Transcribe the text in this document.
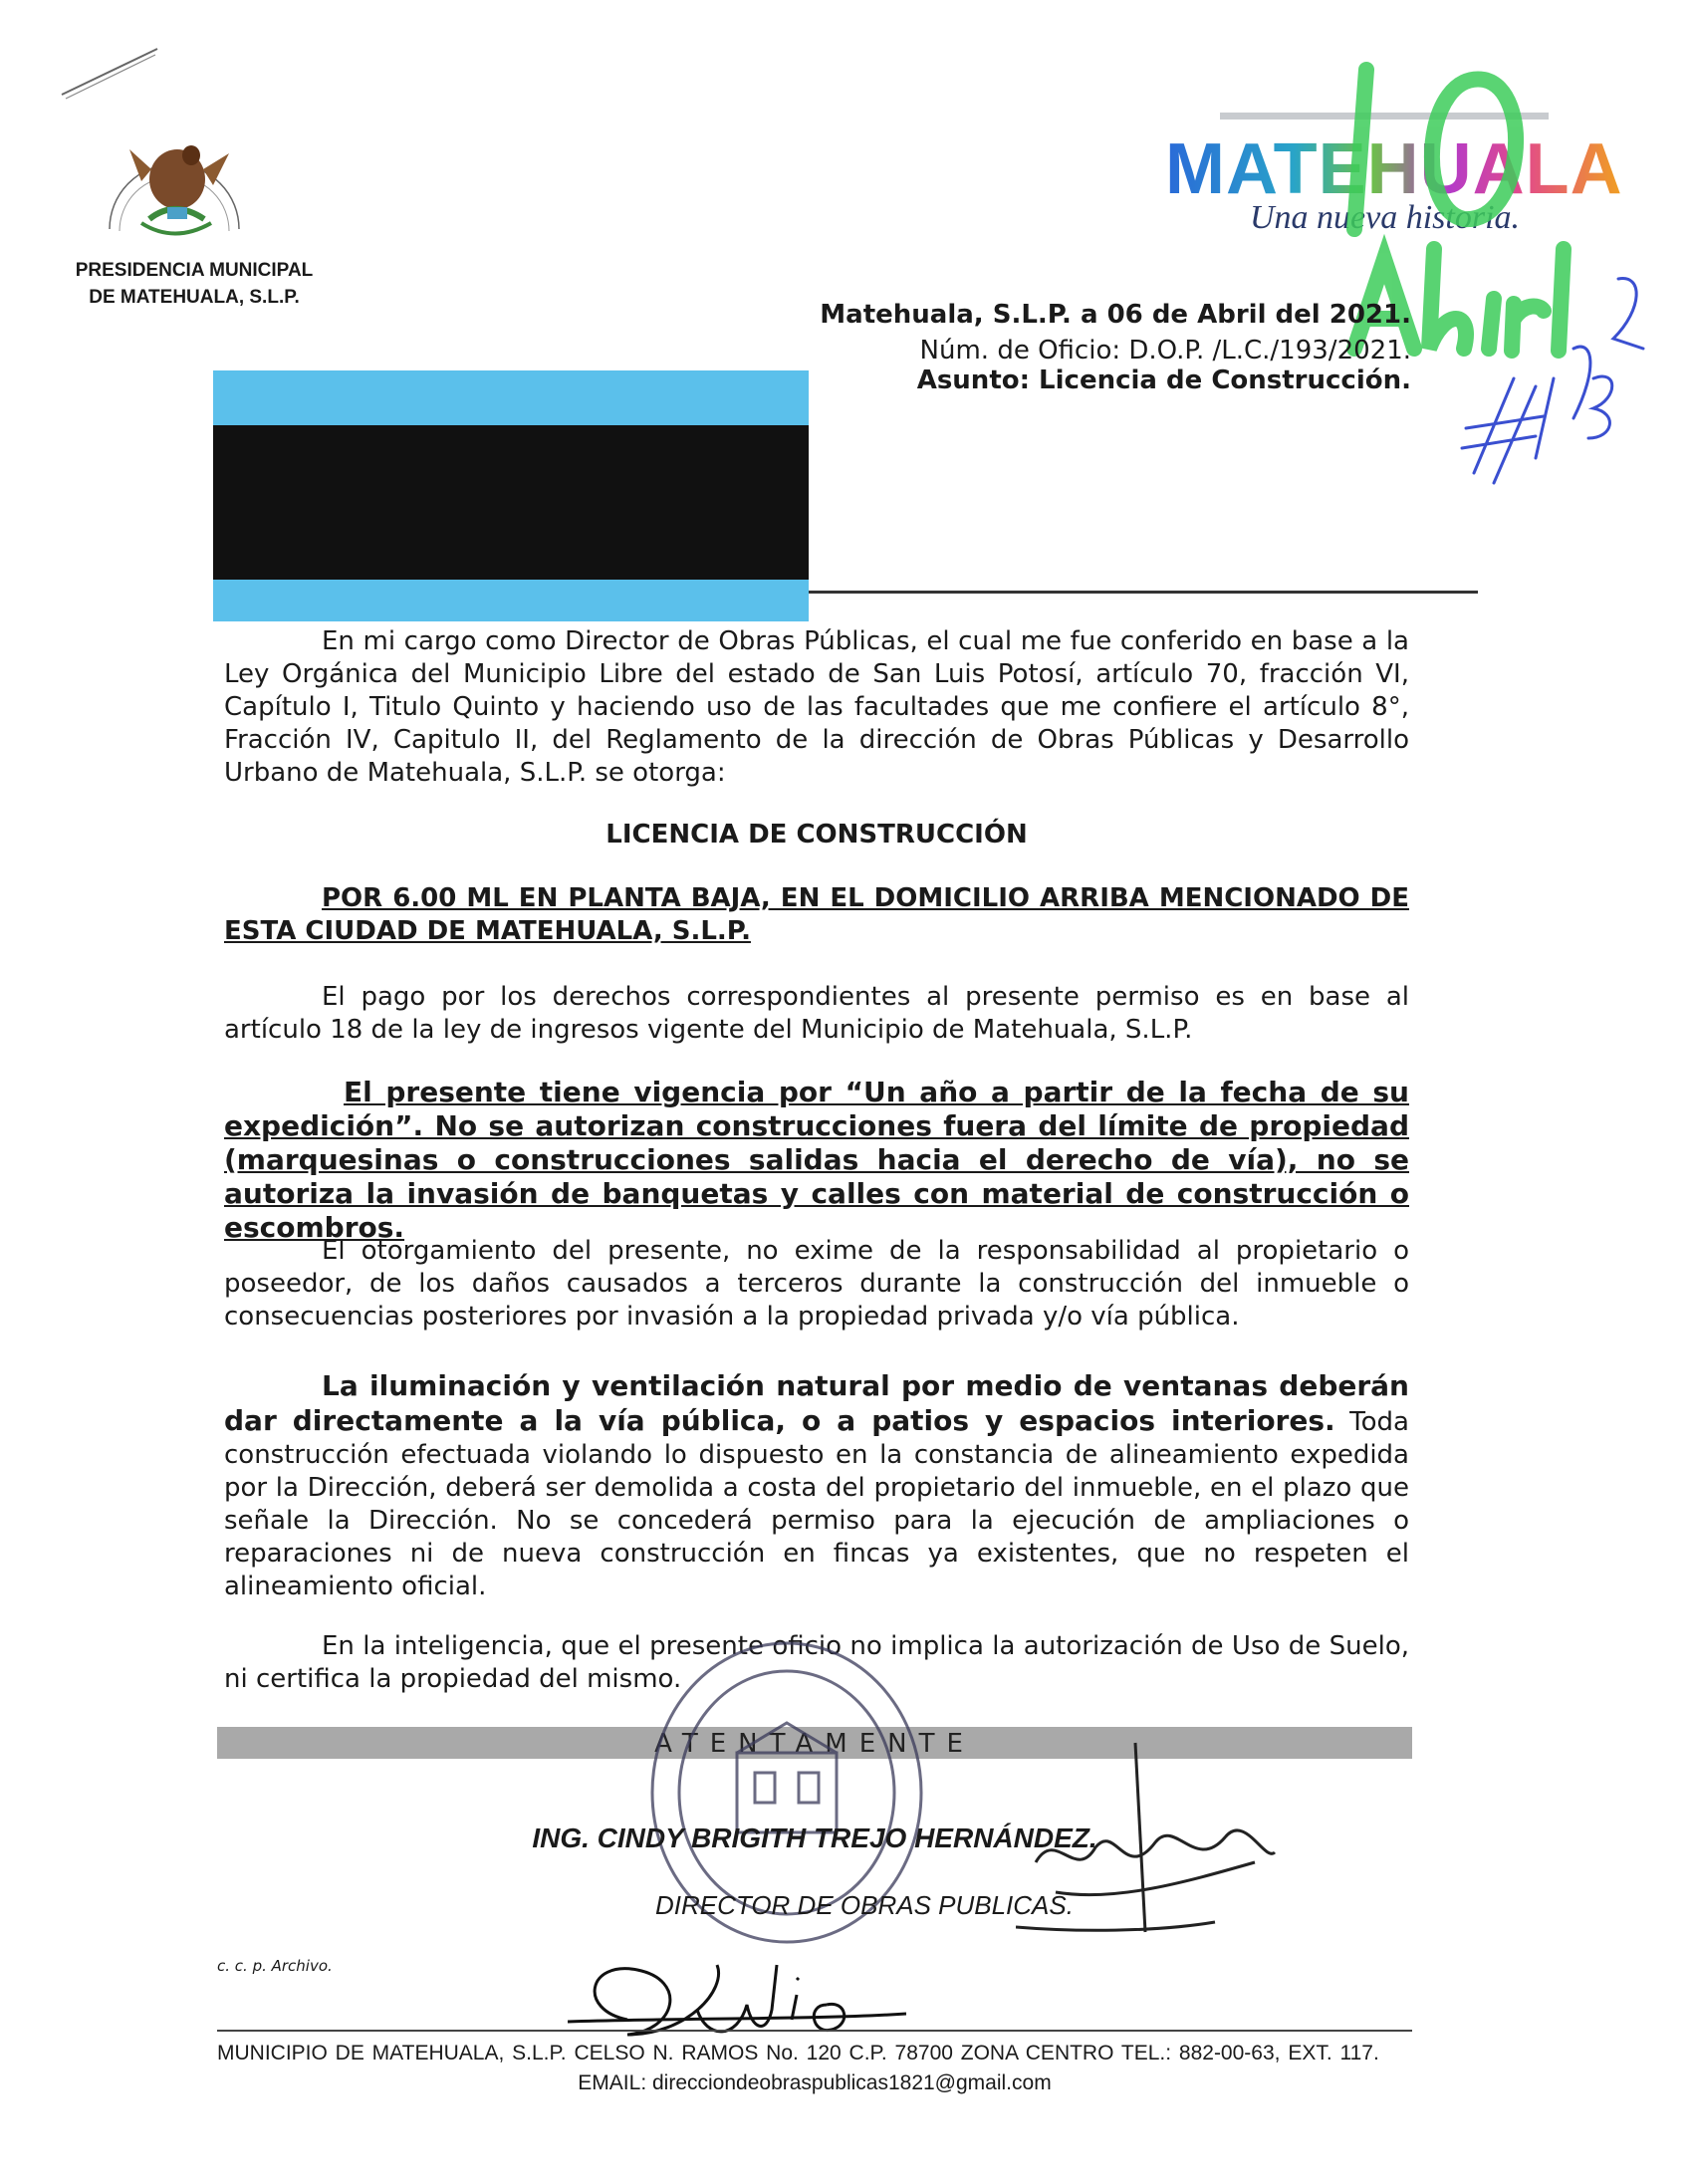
PRESIDENCIA MUNICIPAL
DE MATEHUALA, S.L.P.
MATEHUALA
Una nueva historia.
Matehuala, S.L.P. a 06 de Abril del 2021.
Núm. de Oficio: D.O.P. /L.C./193/2021.
Asunto: Licencia de Construcción.
En mi cargo como Director de Obras Públicas, el cual me fue conferido en base a la Ley Orgánica del Municipio Libre del estado de San Luis Potosí, artículo 70, fracción VI, Capítulo I, Titulo Quinto y haciendo uso de las facultades que me confiere el artículo 8°, Fracción IV, Capitulo II, del Reglamento de la dirección de Obras Públicas y Desarrollo Urbano de Matehuala, S.L.P. se otorga:
LICENCIA DE CONSTRUCCIÓN
POR 6.00 ML EN PLANTA BAJA, EN EL DOMICILIO ARRIBA MENCIONADO DE ESTA CIUDAD DE MATEHUALA, S.L.P.
El pago por los derechos correspondientes al presente permiso es en base al artículo 18 de la ley de ingresos vigente del Municipio de Matehuala, S.L.P.
El presente tiene vigencia por “Un año a partir de la fecha de su expedición”. No se autorizan construcciones fuera del límite de propiedad (marquesinas o construcciones salidas hacia el derecho de vía), no se autoriza la invasión de banquetas y calles con material de construcción o escombros.
El otorgamiento del presente, no exime de la responsabilidad al propietario o poseedor, de los daños causados a terceros durante la construcción del inmueble o consecuencias posteriores por invasión a la propiedad privada y/o vía pública.
La iluminación y ventilación natural por medio de ventanas deberán dar directamente a la vía pública, o a patios y espacios interiores. Toda construcción efectuada violando lo dispuesto en la constancia de alineamiento expedida por la Dirección, deberá ser demolida a costa del propietario del inmueble, en el plazo que señale la Dirección. No se concederá permiso para la ejecución de ampliaciones o reparaciones ni de nueva construcción en fincas ya existentes, que no respeten el alineamiento oficial.
En la inteligencia, que el presente oficio no implica la autorización de Uso de Suelo, ni certifica la propiedad del mismo.
ATENTAMENTE
ING. CINDY BRIGITH TREJO HERNÁNDEZ.
DIRECTOR DE OBRAS PUBLICAS.
c. c. p. Archivo.
MUNICIPIO DE MATEHUALA, S.L.P. CELSO N. RAMOS No. 120 C.P. 78700 ZONA CENTRO TEL.: 882-00-63, EXT. 117.
EMAIL: direcciondeobraspublicas1821@gmail.com
